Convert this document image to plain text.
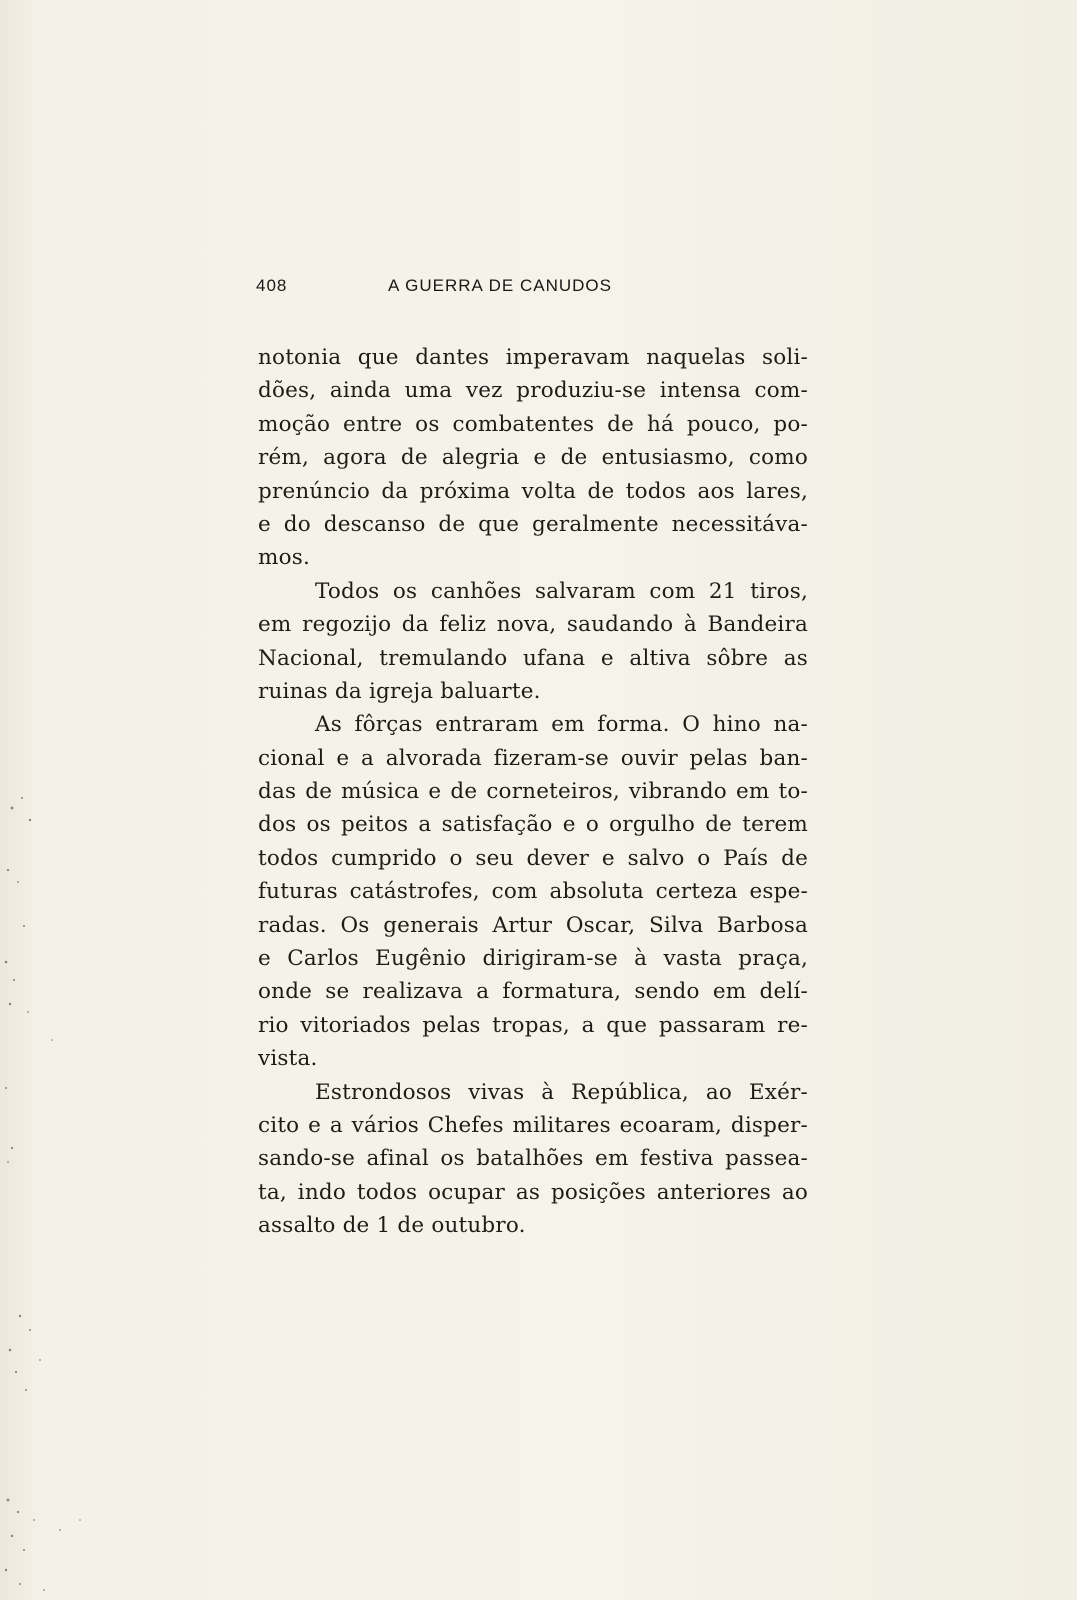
408	A GUERRA DE CANUDOS
notonia que dantes imperavam naquelas soli-
dões, ainda uma vez produziu-se intensa com-
moção entre os combatentes de há pouco, po-
rém, agora de alegria e de entusiasmo, como
prenúncio da próxima volta de todos aos lares,
e do descanso de que geralmente necessitáva-
mos.
Todos os canhões salvaram com 21 tiros,
em regozijo da feliz nova, saudando à Bandeira
Nacional, tremulando ufana e altiva sôbre as
ruinas da igreja baluarte.
As fôrças entraram em forma. O hino na-
cional e a alvorada fizeram-se ouvir pelas ban-
das de música e de corneteiros, vibrando em to-
dos os peitos a satisfação e o orgulho de terem
todos cumprido o seu dever e salvo o País de
futuras catástrofes, com absoluta certeza espe-
radas. Os generais Artur Oscar, Silva Barbosa
e Carlos Eugênio dirigiram-se à vasta praça,
onde se realizava a formatura, sendo em delí-
rio vitoriados pelas tropas, a que passaram re-
vista.
Estrondosos vivas à República, ao Exér-
cito e a vários Chefes militares ecoaram, disper-
sando-se afinal os batalhões em festiva passea-
ta, indo todos ocupar as posições anteriores ao
assalto de 1 de outubro.
